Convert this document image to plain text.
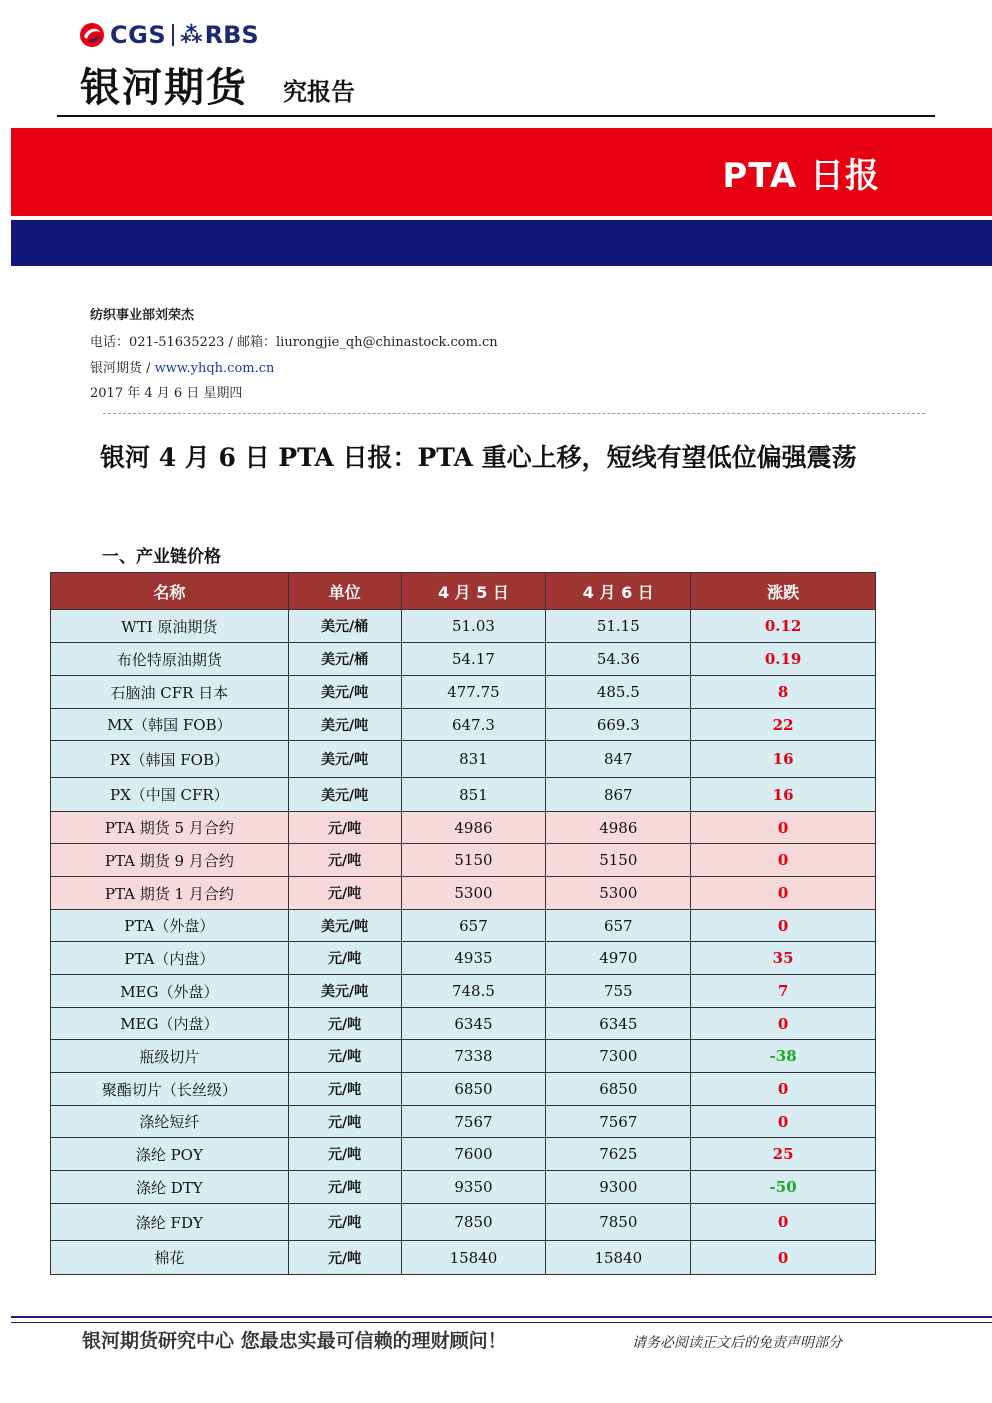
CGS ⁂ RBS
银河期货 究报告
PTA 日报
纺织事业部刘荣杰
电话：021-51635223 / 邮箱：liurongjie_qh@chinastock.com.cn
银河期货 / www.yhqh.com.cn
2017 年 4 月 6 日 星期四
银河 4 月 6 日 PTA 日报：PTA 重心上移，短线有望低位偏强震荡
一、产业链价格
名称	单位	4 月 5 日	4 月 6 日	涨跌
WTI 原油期货	美元/桶	51.03	51.15	0.12
布伦特原油期货	美元/桶	54.17	54.36	0.19
石脑油 CFR 日本	美元/吨	477.75	485.5	8
MX（韩国 FOB）	美元/吨	647.3	669.3	22
PX（韩国 FOB）	美元/吨	831	847	16
PX（中国 CFR）	美元/吨	851	867	16
PTA 期货 5 月合约	元/吨	4986	4986	0
PTA 期货 9 月合约	元/吨	5150	5150	0
PTA 期货 1 月合约	元/吨	5300	5300	0
PTA（外盘）	美元/吨	657	657	0
PTA（内盘）	元/吨	4935	4970	35
MEG（外盘）	美元/吨	748.5	755	7
MEG（内盘）	元/吨	6345	6345	0
瓶级切片	元/吨	7338	7300	-38
聚酯切片（长丝级）	元/吨	6850	6850	0
涤纶短纤	元/吨	7567	7567	0
涤纶 POY	元/吨	7600	7625	25
涤纶 DTY	元/吨	9350	9300	-50
涤纶 FDY	元/吨	7850	7850	0
棉花	元/吨	15840	15840	0
银河期货研究中心 您最忠实最可信赖的理财顾问！	请务必阅读正文后的免责声明部分
